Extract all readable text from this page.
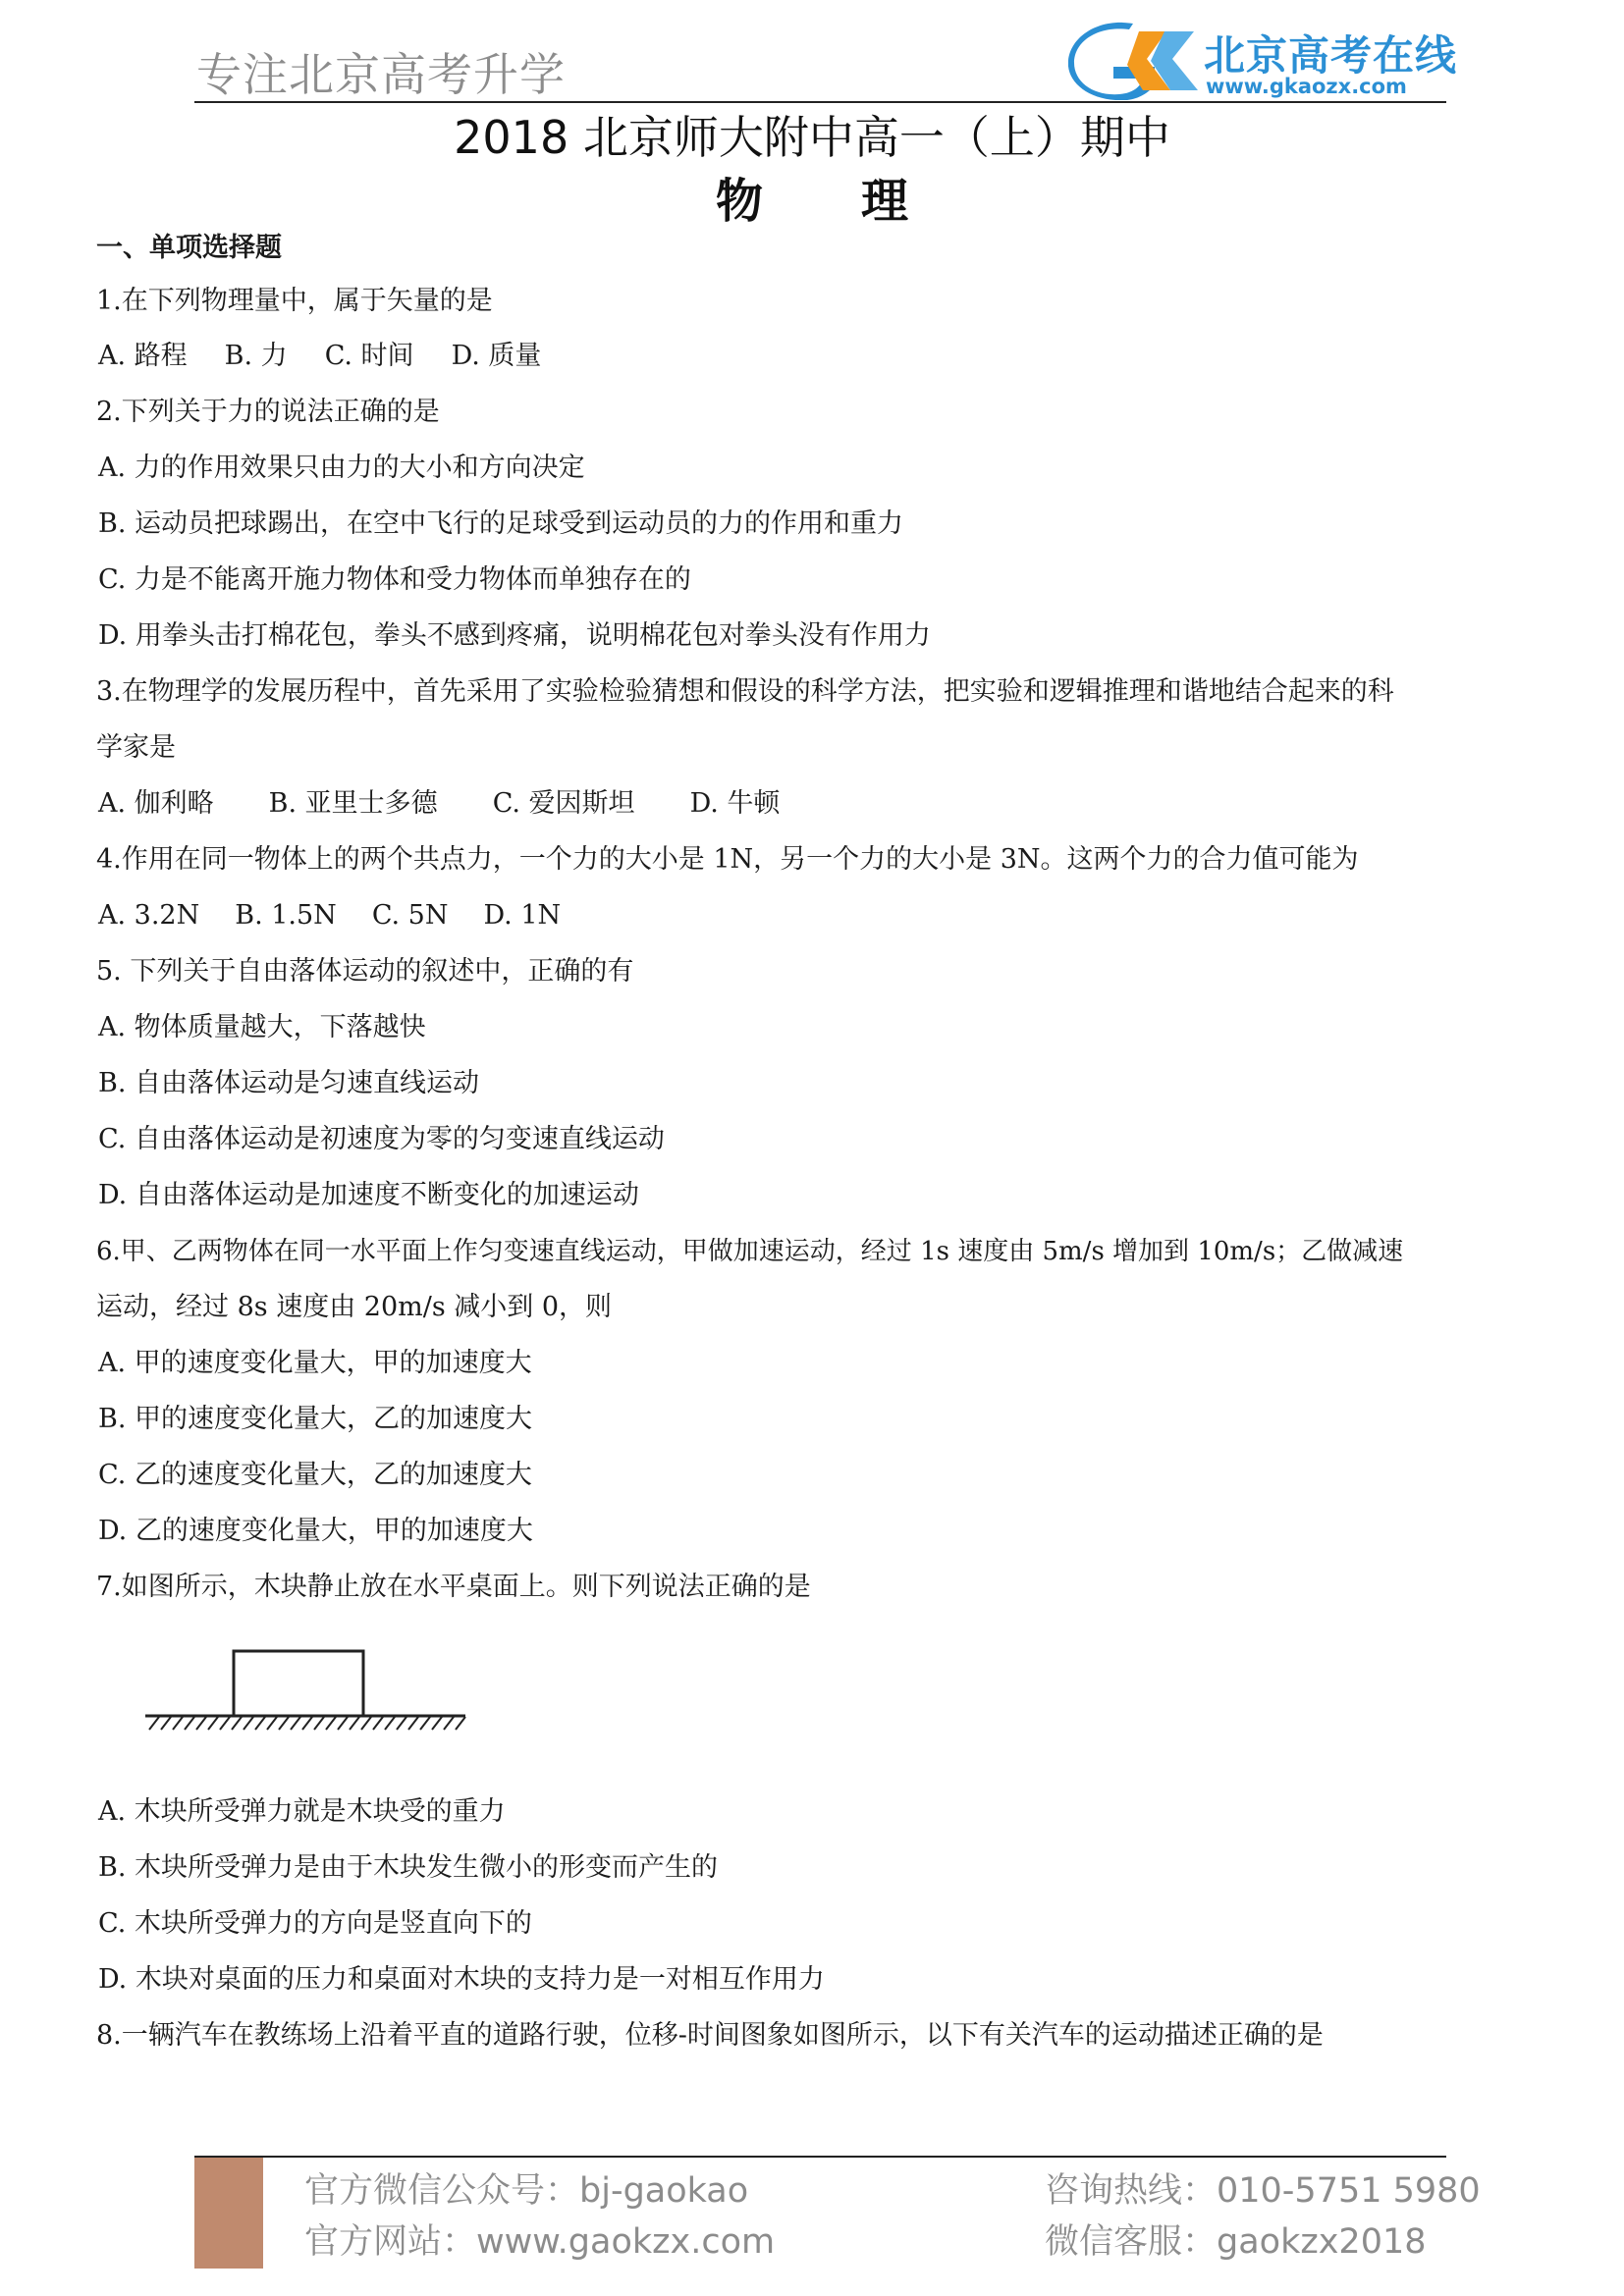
专注北京高考升学	北京高考在线
www.gkaozx.com
2018 北京师大附中高一（上）期中
物理
一、单项选择题
1.在下列物理量中，属于矢量的是
A. 路程 B. 力 C. 时间 D. 质量
2.下列关于力的说法正确的是
A. 力的作用效果只由力的大小和方向决定
B. 运动员把球踢出，在空中飞行的足球受到运动员的力的作用和重力
C. 力是不能离开施力物体和受力物体而单独存在的
D. 用拳头击打棉花包，拳头不感到疼痛，说明棉花包对拳头没有作用力
3.在物理学的发展历程中，首先采用了实验检验猜想和假设的科学方法，把实验和逻辑推理和谐地结合起来的科
学家是
A. 伽利略 B. 亚里士多德 C. 爱因斯坦 D. 牛顿
4.作用在同一物体上的两个共点力，一个力的大小是 1N，另一个力的大小是 3N。这两个力的合力值可能为
A. 3.2N B. 1.5N C. 5N D. 1N
5. 下列关于自由落体运动的叙述中，正确的有
A. 物体质量越大，下落越快
B. 自由落体运动是匀速直线运动
C. 自由落体运动是初速度为零的匀变速直线运动
D. 自由落体运动是加速度不断变化的加速运动
6.甲、乙两物体在同一水平面上作匀变速直线运动，甲做加速运动，经过 1s 速度由 5m/s 增加到 10m/s；乙做减速
运动，经过 8s 速度由 20m/s 减小到 0，则
A. 甲的速度变化量大，甲的加速度大
B. 甲的速度变化量大，乙的加速度大
C. 乙的速度变化量大，乙的加速度大
D. 乙的速度变化量大，甲的加速度大
7.如图所示，木块静止放在水平桌面上。则下列说法正确的是
A. 木块所受弹力就是木块受的重力
B. 木块所受弹力是由于木块发生微小的形变而产生的
C. 木块所受弹力的方向是竖直向下的
D. 木块对桌面的压力和桌面对木块的支持力是一对相互作用力
8.一辆汽车在教练场上沿着平直的道路行驶，位移-时间图象如图所示，以下有关汽车的运动描述正确的是
官方微信公众号：bj-gaokao
官方网站：www.gaokzx.com
咨询热线：010-5751 5980
微信客服：gaokzx2018
